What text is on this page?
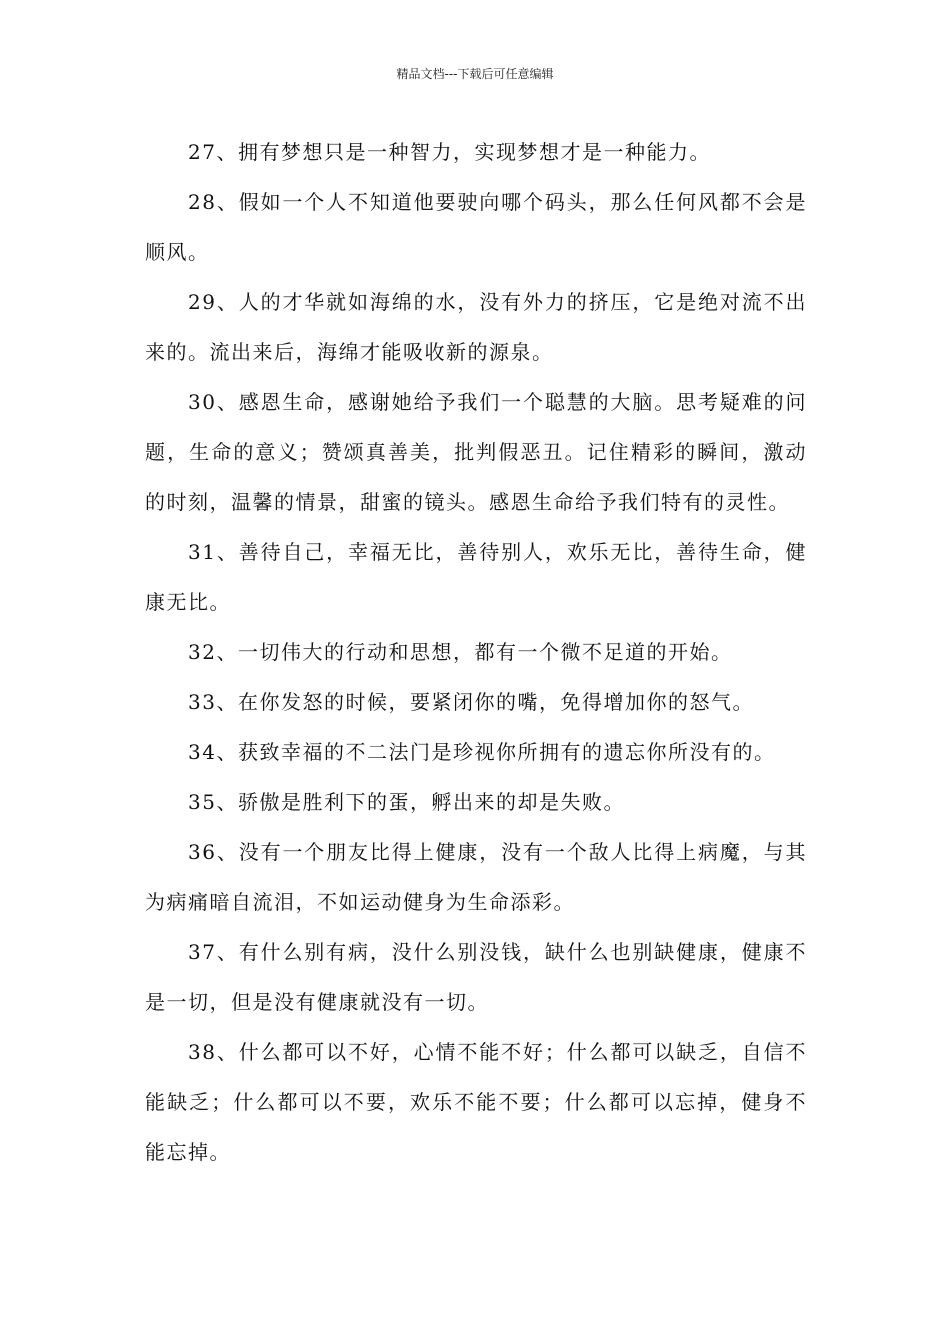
精品文档---下载后可任意编辑

27、拥有梦想只是一种智力，实现梦想才是一种能力。

28、假如一个人不知道他要驶向哪个码头，那么任何风都不会是顺风。

29、人的才华就如海绵的水，没有外力的挤压，它是绝对流不出来的。流出来后，海绵才能吸收新的源泉。

30、感恩生命，感谢她给予我们一个聪慧的大脑。思考疑难的问题，生命的意义；赞颂真善美，批判假恶丑。记住精彩的瞬间，激动的时刻，温馨的情景，甜蜜的镜头。感恩生命给予我们特有的灵性。

31、善待自己，幸福无比，善待别人，欢乐无比，善待生命，健康无比。

32、一切伟大的行动和思想，都有一个微不足道的开始。

33、在你发怒的时候，要紧闭你的嘴，免得增加你的怒气。

34、获致幸福的不二法门是珍视你所拥有的遗忘你所没有的。

35、骄傲是胜利下的蛋，孵出来的却是失败。

36、没有一个朋友比得上健康，没有一个敌人比得上病魔，与其为病痛暗自流泪，不如运动健身为生命添彩。

37、有什么别有病，没什么别没钱，缺什么也别缺健康，健康不是一切，但是没有健康就没有一切。

38、什么都可以不好，心情不能不好；什么都可以缺乏，自信不能缺乏；什么都可以不要，欢乐不能不要；什么都可以忘掉，健身不能忘掉。
